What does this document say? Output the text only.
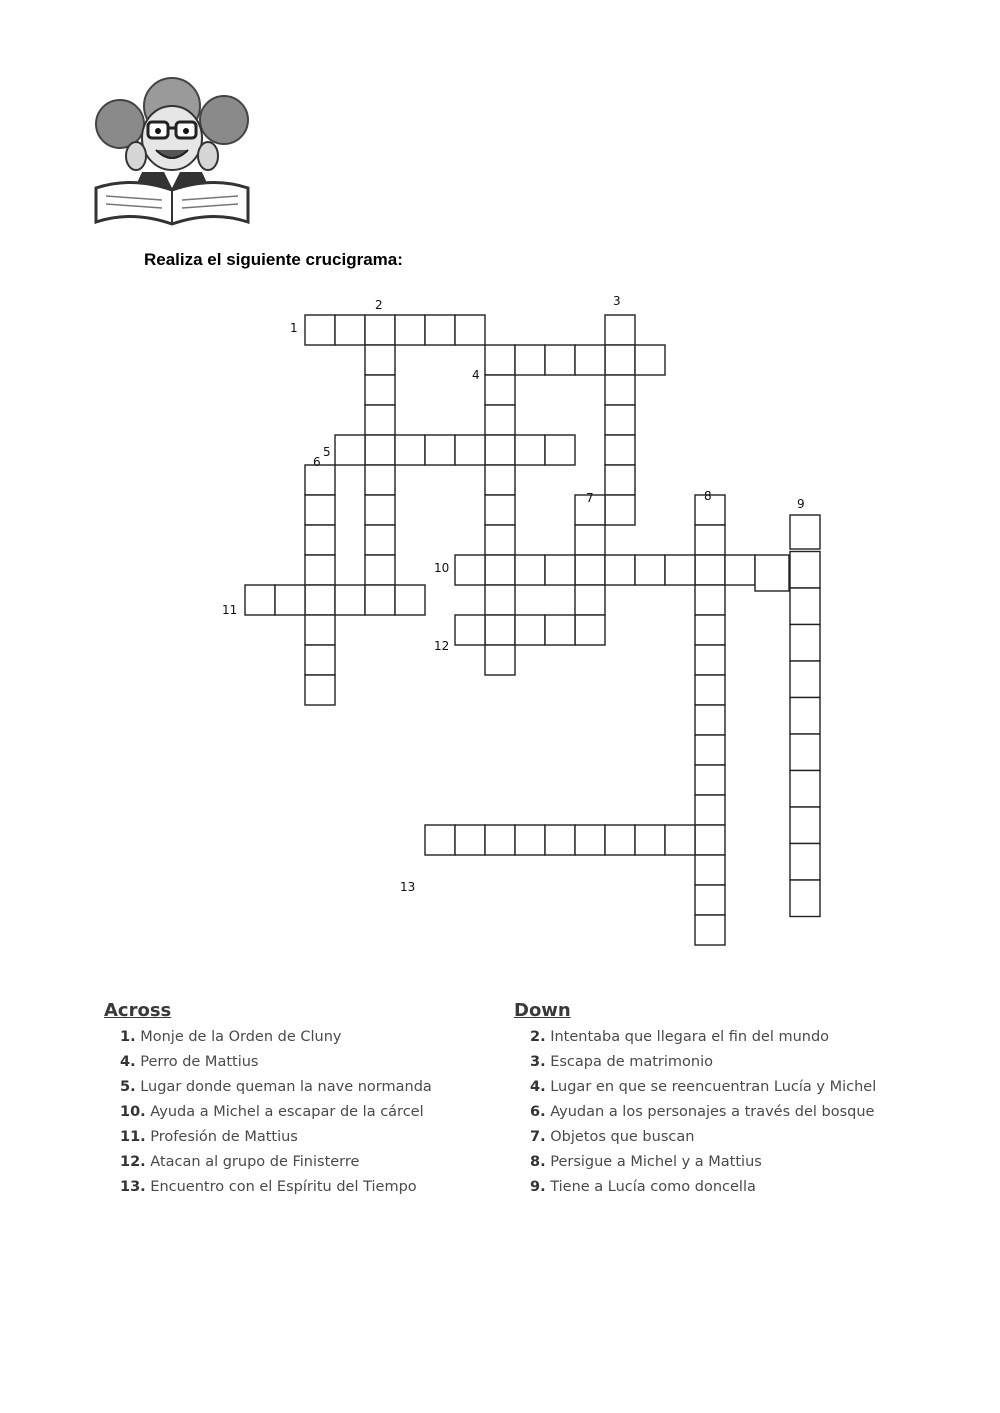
Realiza el siguiente crucigrama:
1
2	3
4
6
5
7	8
9
10
11
12
13
Across
1. Monje de la Orden de Cluny
4. Perro de Mattius
5. Lugar donde queman la nave normanda
10. Ayuda a Michel a escapar de la cárcel
11. Profesión de Mattius
12. Atacan al grupo de Finisterre
13. Encuentro con el Espíritu del Tiempo
Down
2. Intentaba que llegara el fin del mundo
3. Escapa de matrimonio
4. Lugar en que se reencuentran Lucía y Michel
6. Ayudan a los personajes a través del bosque
7. Objetos que buscan
8. Persigue a Michel y a Mattius
9. Tiene a Lucía como doncella
